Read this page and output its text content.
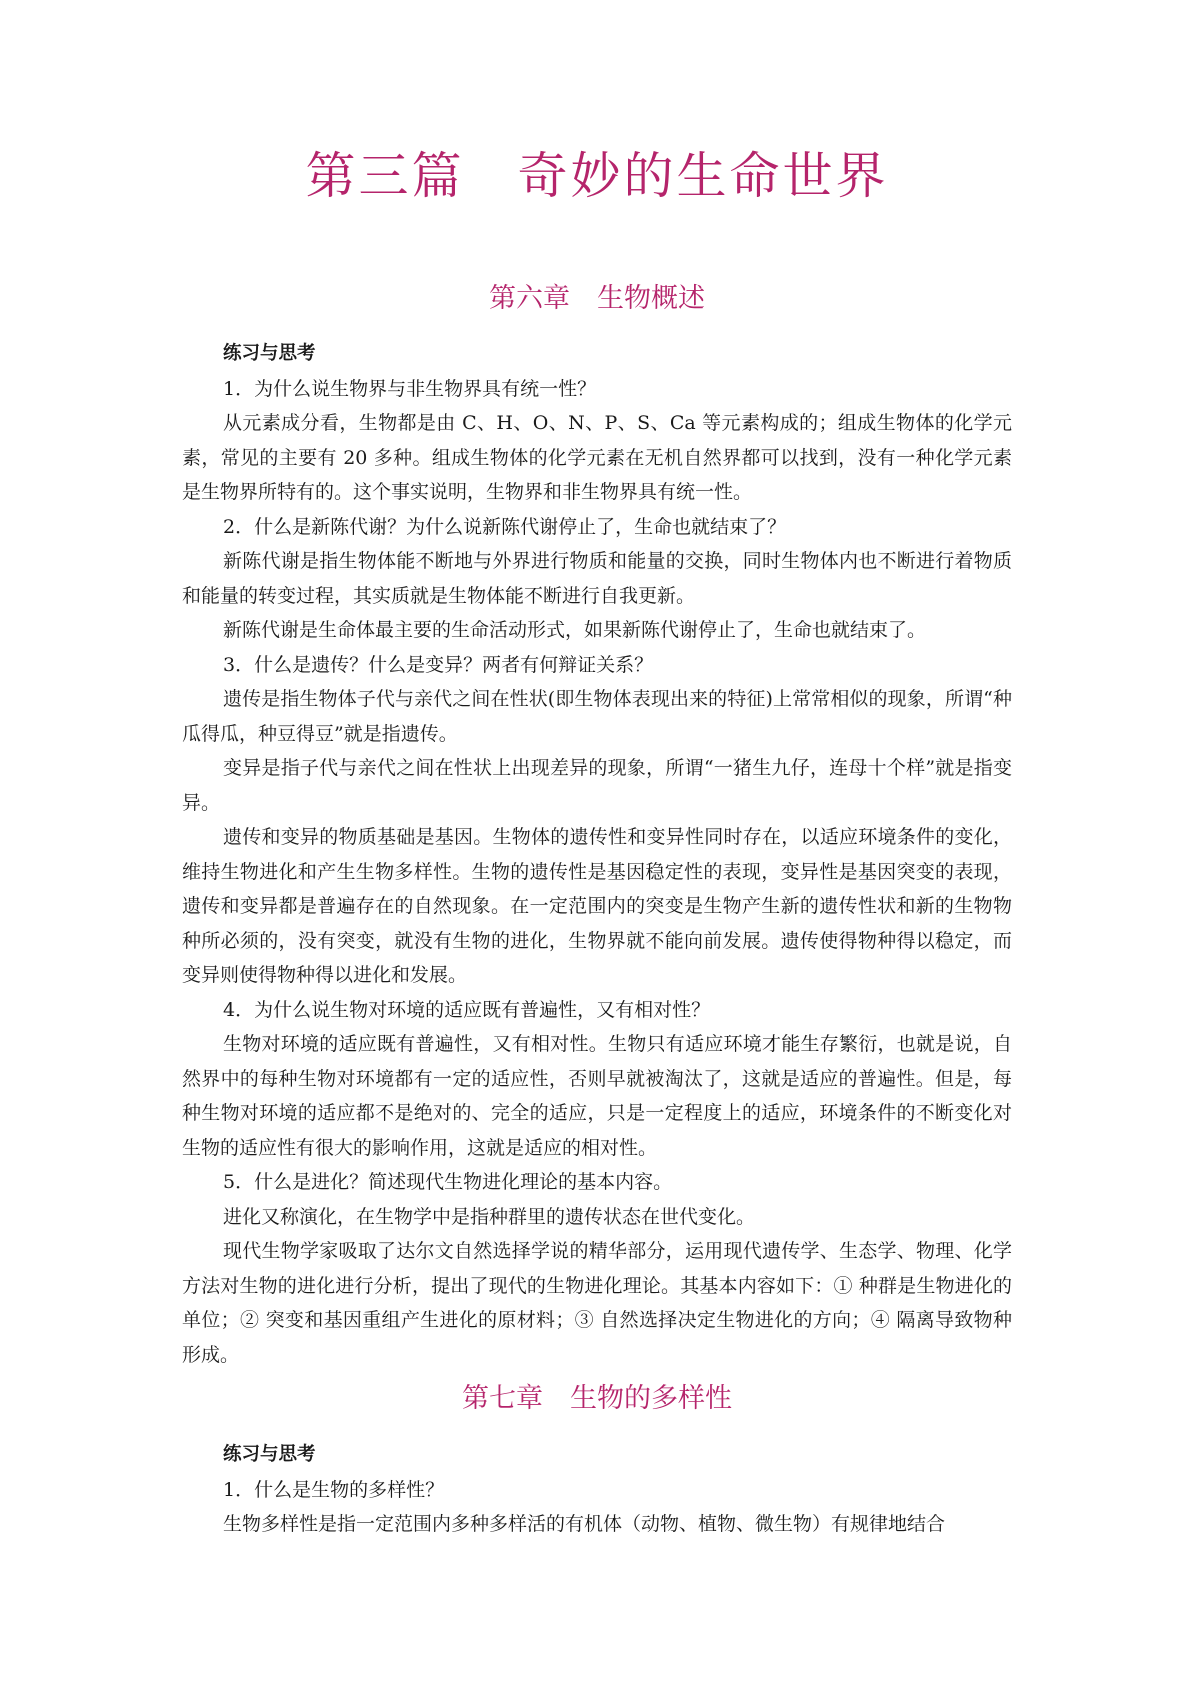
第三篇　奇妙的生命世界
第六章　生物概述

练习与思考

1．为什么说生物界与非生物界具有统一性？

从元素成分看，生物都是由 C、H、O、N、P、S、Ca 等元素构成的；组成生物体的化学元素，常见的主要有 20 多种。组成生物体的化学元素在无机自然界都可以找到，没有一种化学元素是生物界所特有的。这个事实说明，生物界和非生物界具有统一性。

2．什么是新陈代谢？为什么说新陈代谢停止了，生命也就结束了？

新陈代谢是指生物体能不断地与外界进行物质和能量的交换，同时生物体内也不断进行着物质和能量的转变过程，其实质就是生物体能不断进行自我更新。

新陈代谢是生命体最主要的生命活动形式，如果新陈代谢停止了，生命也就结束了。

3．什么是遗传？什么是变异？两者有何辩证关系？

遗传是指生物体子代与亲代之间在性状(即生物体表现出来的特征)上常常相似的现象，所谓“种瓜得瓜，种豆得豆”就是指遗传。

变异是指子代与亲代之间在性状上出现差异的现象，所谓“一猪生九仔，连母十个样”就是指变异。

遗传和变异的物质基础是基因。生物体的遗传性和变异性同时存在，以适应环境条件的变化，维持生物进化和产生生物多样性。生物的遗传性是基因稳定性的表现，变异性是基因突变的表现，遗传和变异都是普遍存在的自然现象。在一定范围内的突变是生物产生新的遗传性状和新的生物物种所必须的，没有突变，就没有生物的进化，生物界就不能向前发展。遗传使得物种得以稳定，而变异则使得物种得以进化和发展。

4．为什么说生物对环境的适应既有普遍性，又有相对性？

生物对环境的适应既有普遍性，又有相对性。生物只有适应环境才能生存繁衍，也就是说，自然界中的每种生物对环境都有一定的适应性，否则早就被淘汰了，这就是适应的普遍性。但是，每种生物对环境的适应都不是绝对的、完全的适应，只是一定程度上的适应，环境条件的不断变化对生物的适应性有很大的影响作用，这就是适应的相对性。

5．什么是进化？简述现代生物进化理论的基本内容。

进化又称演化，在生物学中是指种群里的遗传状态在世代变化。

现代生物学家吸取了达尔文自然选择学说的精华部分，运用现代遗传学、生态学、物理、化学方法对生物的进化进行分析，提出了现代的生物进化理论。其基本内容如下：① 种群是生物进化的单位；② 突变和基因重组产生进化的原材料；③ 自然选择决定生物进化的方向；④ 隔离导致物种形成。

第七章　生物的多样性

练习与思考

1．什么是生物的多样性？

生物多样性是指一定范围内多种多样活的有机体（动物、植物、微生物）有规律地结合
